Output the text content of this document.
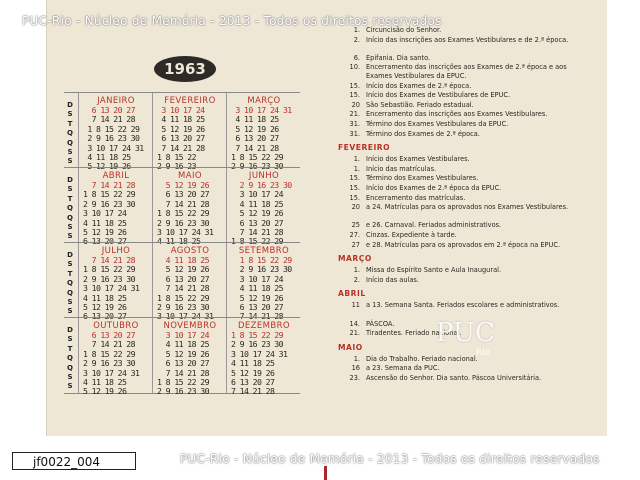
PUC-Rio - Núcleo de Memória - 2013 - Todos os direitos reservados
1963
D
S
T
Q
Q
S
S
JANEIRO
6 13 20 27
7 14 21 28
1 8 15 22 29
2 9 16 23 30
3 10 17 24 31
4 11 18 25
5 12 19 26
FEVEREIRO
3 10 17 24
4 11 18 25
5 12 19 26
6 13 20 27
7 14 21 28
1 8 15 22
2 9 16 23
MARÇO
3 10 17 24 31
4 11 18 25
5 12 19 26
6 13 20 27
7 14 21 28
1 8 15 22 29
2 9 16 23 30
D
S
T
Q
Q
S
S
ABRIL
7 14 21 28
1 8 15 22 29
2 9 16 23 30
3 10 17 24
4 11 18 25
5 12 19 26
6 13 20 27
MAIO
5 12 19 26
6 13 20 27
7 14 21 28
1 8 15 22 29
2 9 16 23 30
3 10 17 24 31
4 11 18 25
JUNHO
2 9 16 23 30
3 10 17 24
4 11 18 25
5 12 19 26
6 13 20 27
7 14 21 28
1 8 15 22 29
D
S
T
Q
Q
S
S
JULHO
7 14 21 28
1 8 15 22 29
2 9 16 23 30
3 10 17 24 31
4 11 18 25
5 12 19 26
6 13 20 27
AGOSTO
4 11 18 25
5 12 19 26
6 13 20 27
7 14 21 28
1 8 15 22 29
2 9 16 23 30
3 10 17 24 31
SETEMBRO
1 8 15 22 29
2 9 16 23 30
3 10 17 24
4 11 18 25
5 12 19 26
6 13 20 27
7 14 21 28
D
S
T
Q
Q
S
S
OUTUBRO
6 13 20 27
7 14 21 28
1 8 15 22 29
2 9 16 23 30
3 10 17 24 31
4 11 18 25
5 12 19 26
NOVEMBRO
3 10 17 24
4 11 18 25
5 12 19 26
6 13 20 27
7 14 21 28
1 8 15 22 29
2 9 16 23 30
DEZEMBRO
1 8 15 22 29
2 9 16 23 30
3 10 17 24 31
4 11 18 25
5 12 19 26
6 13 20 27
7 14 21 28
1. Circuncisão do Senhor.
2. Início das inscrições aos Exames Vestibulares e de 2.ª época.
6. Epifania. Dia santo.
10. Encerramento das inscrições aos Exames de 2.ª época e aos Exames Vestibulares da EPUC.
15. Início dos Exames de 2.ª época.
15. Início dos Exames de Vestibulares de EPUC.
20 São Sebastião. Feriado estadual.
21. Encerramento das inscrições aos Exames Vestibulares.
31. Término dos Exames Vestibulares da EPUC.
31. Término dos Exames de 2.ª época.
FEVEREIRO
1. Início dos Exames Vestibulares.
1. Início das matrículas.
15. Término dos Exames Vestibulares.
15. Início dos Exames de 2.ª época da EPUC.
15. Encerramento das matrículas.
20 a 24. Matrículas para os aprovados nos Exames Vestibulares.
25 e 26. Carnaval. Feriados administrativos.
27. Cinzas. Expediente à tarde.
27 e 28. Matrículas para os aprovados em 2.ª época na EPUC.
MARÇO
1. Missa do Espírito Santo e Aula Inaugural.
2. Início das aulas.
ABRIL
11 a 13. Semana Santa. Feriados escolares e administrativos.
14. PÁSCOA.
21. Tiradentes. Feriado nacional.
MAIO
1. Dia do Trabalho. Feriado nacional.
16 a 23. Semana da PUC.
23. Ascensão do Senhor. Dia santo. Páscoa Universitária.
PUC
Rio
jf0022_004	PUC-Rio - Núcleo de Memória - 2013 - Todos os direitos reservados
